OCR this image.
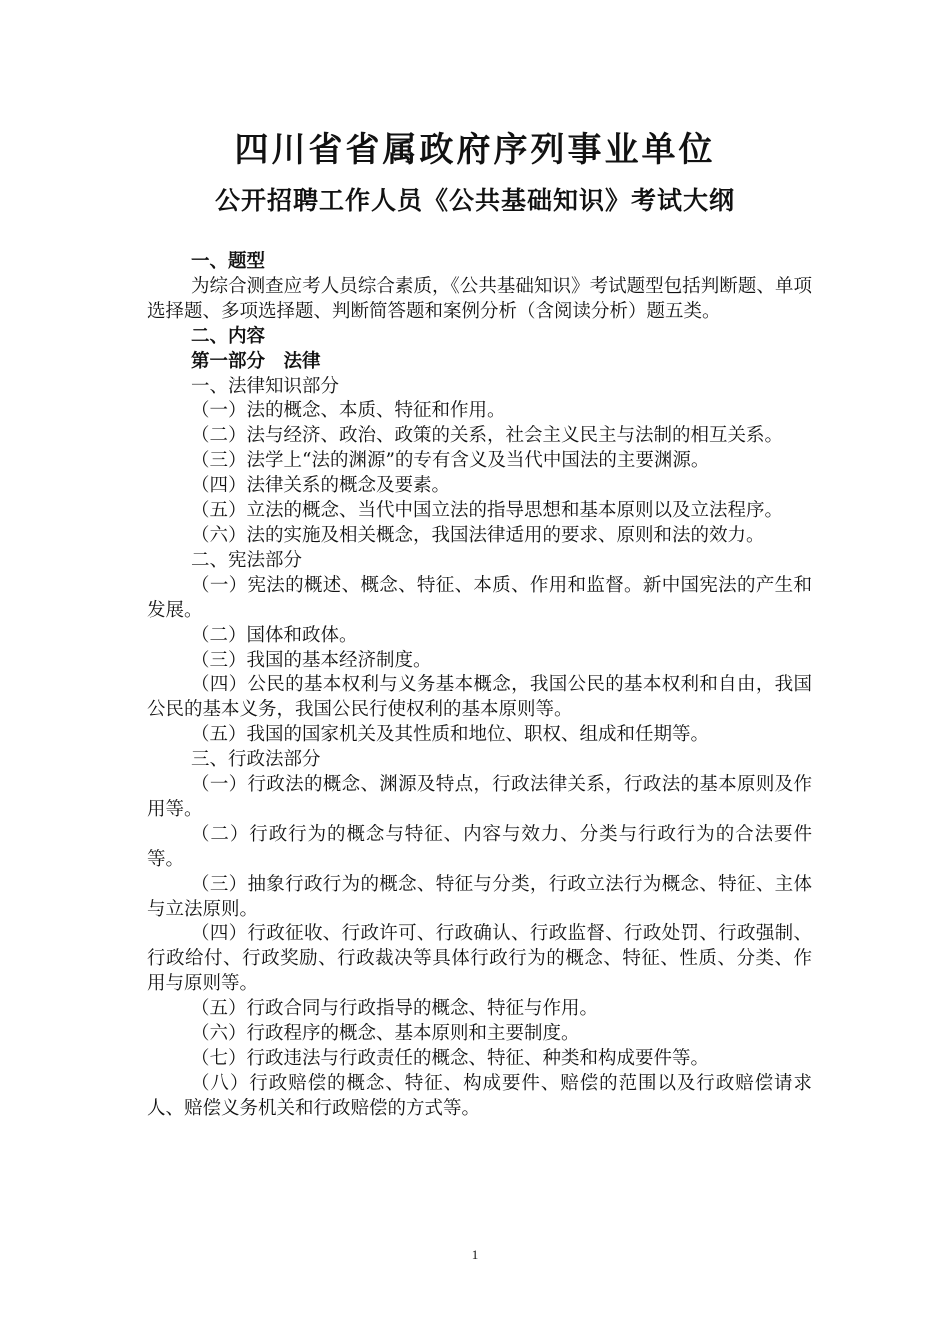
四川省省属政府序列事业单位
公开招聘工作人员《公共基础知识》考试大纲

一、题型

为综合测查应考人员综合素质，《公共基础知识》考试题型包括判断题、单项选择题、多项选择题、判断简答题和案例分析（含阅读分析）题五类。

二、内容

第一部分　法律

一、法律知识部分

（一）法的概念、本质、特征和作用。

（二）法与经济、政治、政策的关系，社会主义民主与法制的相互关系。

（三）法学上“法的渊源”的专有含义及当代中国法的主要渊源。

（四）法律关系的概念及要素。

（五）立法的概念、当代中国立法的指导思想和基本原则以及立法程序。

（六）法的实施及相关概念，我国法律适用的要求、原则和法的效力。

二、宪法部分

（一）宪法的概述、概念、特征、本质、作用和监督。新中国宪法的产生和发展。

（二）国体和政体。

（三）我国的基本经济制度。

（四）公民的基本权利与义务基本概念，我国公民的基本权利和自由，我国公民的基本义务，我国公民行使权利的基本原则等。

（五）我国的国家机关及其性质和地位、职权、组成和任期等。

三、行政法部分

（一）行政法的概念、渊源及特点，行政法律关系，行政法的基本原则及作用等。

（二）行政行为的概念与特征、内容与效力、分类与行政行为的合法要件等。

（三）抽象行政行为的概念、特征与分类，行政立法行为概念、特征、主体与立法原则。

（四）行政征收、行政许可、行政确认、行政监督、行政处罚、行政强制、行政给付、行政奖励、行政裁决等具体行政行为的概念、特征、性质、分类、作用与原则等。

（五）行政合同与行政指导的概念、特征与作用。

（六）行政程序的概念、基本原则和主要制度。

（七）行政违法与行政责任的概念、特征、种类和构成要件等。

（八）行政赔偿的概念、特征、构成要件、赔偿的范围以及行政赔偿请求人、赔偿义务机关和行政赔偿的方式等。

1
